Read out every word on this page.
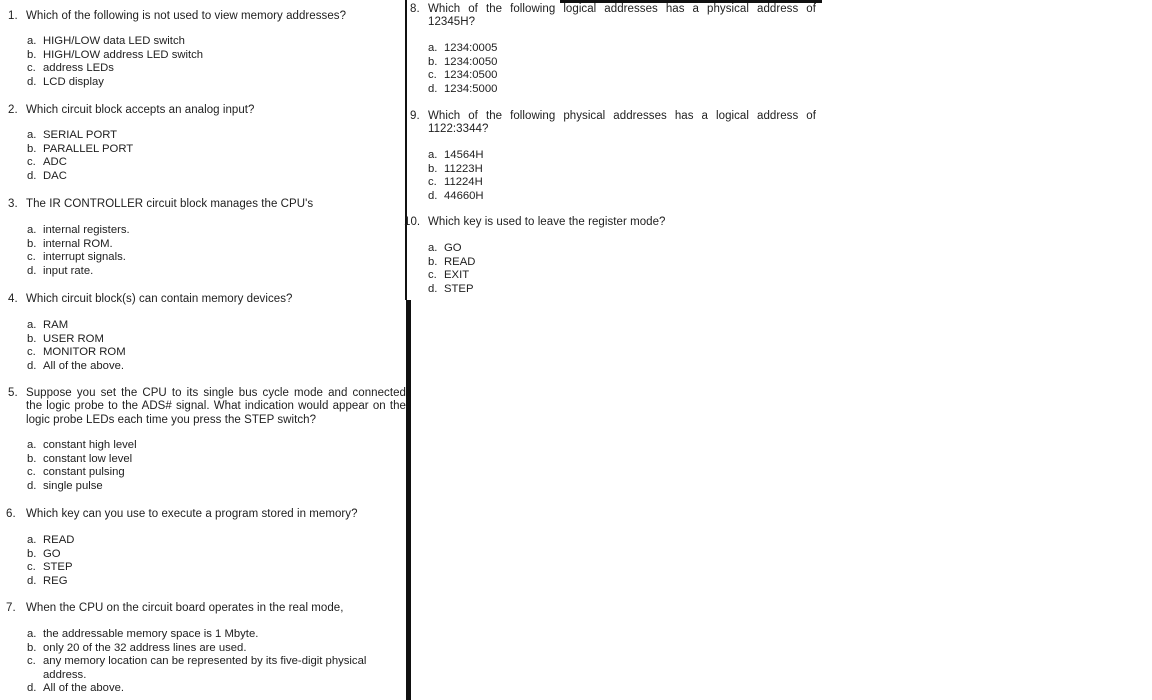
1. Which of the following is not used to view memory addresses?
a. HIGH/LOW data LED switch
b. HIGH/LOW address LED switch
c. address LEDs
d. LCD display
2. Which circuit block accepts an analog input?
a. SERIAL PORT
b. PARALLEL PORT
c. ADC
d. DAC
3. The IR CONTROLLER circuit block manages the CPU's
a. internal registers.
b. internal ROM.
c. interrupt signals.
d. input rate.
4. Which circuit block(s) can contain memory devices?
a. RAM
b. USER ROM
c. MONITOR ROM
d. All of the above.
5. Suppose you set the CPU to its single bus cycle mode and connected
the logic probe to the ADS# signal. What indication would appear on the
logic probe LEDs each time you press the STEP switch?
a. constant high level
b. constant low level
c. constant pulsing
d. single pulse
6. Which key can you use to execute a program stored in memory?
a. READ
b. GO
c. STEP
d. REG
7. When the CPU on the circuit board operates in the real mode,
a. the addressable memory space is 1 Mbyte.
b. only 20 of the 32 address lines are used.
c. any memory location can be represented by its five-digit physical
address.
d. All of the above.
8. Which of the following logical addresses has a physical address of
12345H?
a. 1234:0005
b. 1234:0050
c. 1234:0500
d. 1234:5000
9. Which of the following physical addresses has a logical address of
1122:3344?
a. 14564H
b. 11223H
c. 11224H
d. 44660H
10. Which key is used to leave the register mode?
a. GO
b. READ
c. EXIT
d. STEP
